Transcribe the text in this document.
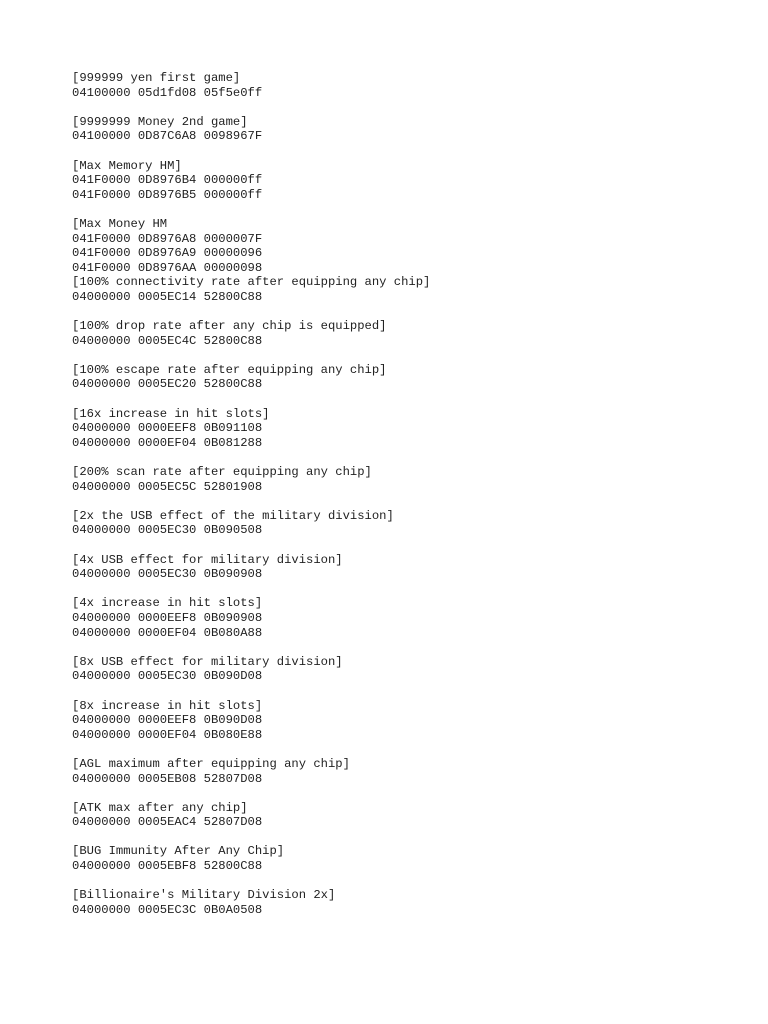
[999999 yen first game]
04100000 05d1fd08 05f5e0ff
[9999999 Money 2nd game]
04100000 0D87C6A8 0098967F
[Max Memory HM]
041F0000 0D8976B4 000000ff
041F0000 0D8976B5 000000ff
[Max Money HM
041F0000 0D8976A8 0000007F
041F0000 0D8976A9 00000096
041F0000 0D8976AA 00000098
[100% connectivity rate after equipping any chip]
04000000 0005EC14 52800C88
[100% drop rate after any chip is equipped]
04000000 0005EC4C 52800C88
[100% escape rate after equipping any chip]
04000000 0005EC20 52800C88
[16x increase in hit slots]
04000000 0000EEF8 0B091108
04000000 0000EF04 0B081288
[200% scan rate after equipping any chip]
04000000 0005EC5C 52801908
[2x the USB effect of the military division]
04000000 0005EC30 0B090508
[4x USB effect for military division]
04000000 0005EC30 0B090908
[4x increase in hit slots]
04000000 0000EEF8 0B090908
04000000 0000EF04 0B080A88
[8x USB effect for military division]
04000000 0005EC30 0B090D08
[8x increase in hit slots]
04000000 0000EEF8 0B090D08
04000000 0000EF04 0B080E88
[AGL maximum after equipping any chip]
04000000 0005EB08 52807D08
[ATK max after any chip]
04000000 0005EAC4 52807D08
[BUG Immunity After Any Chip]
04000000 0005EBF8 52800C88
[Billionaire's Military Division 2x]
04000000 0005EC3C 0B0A0508
